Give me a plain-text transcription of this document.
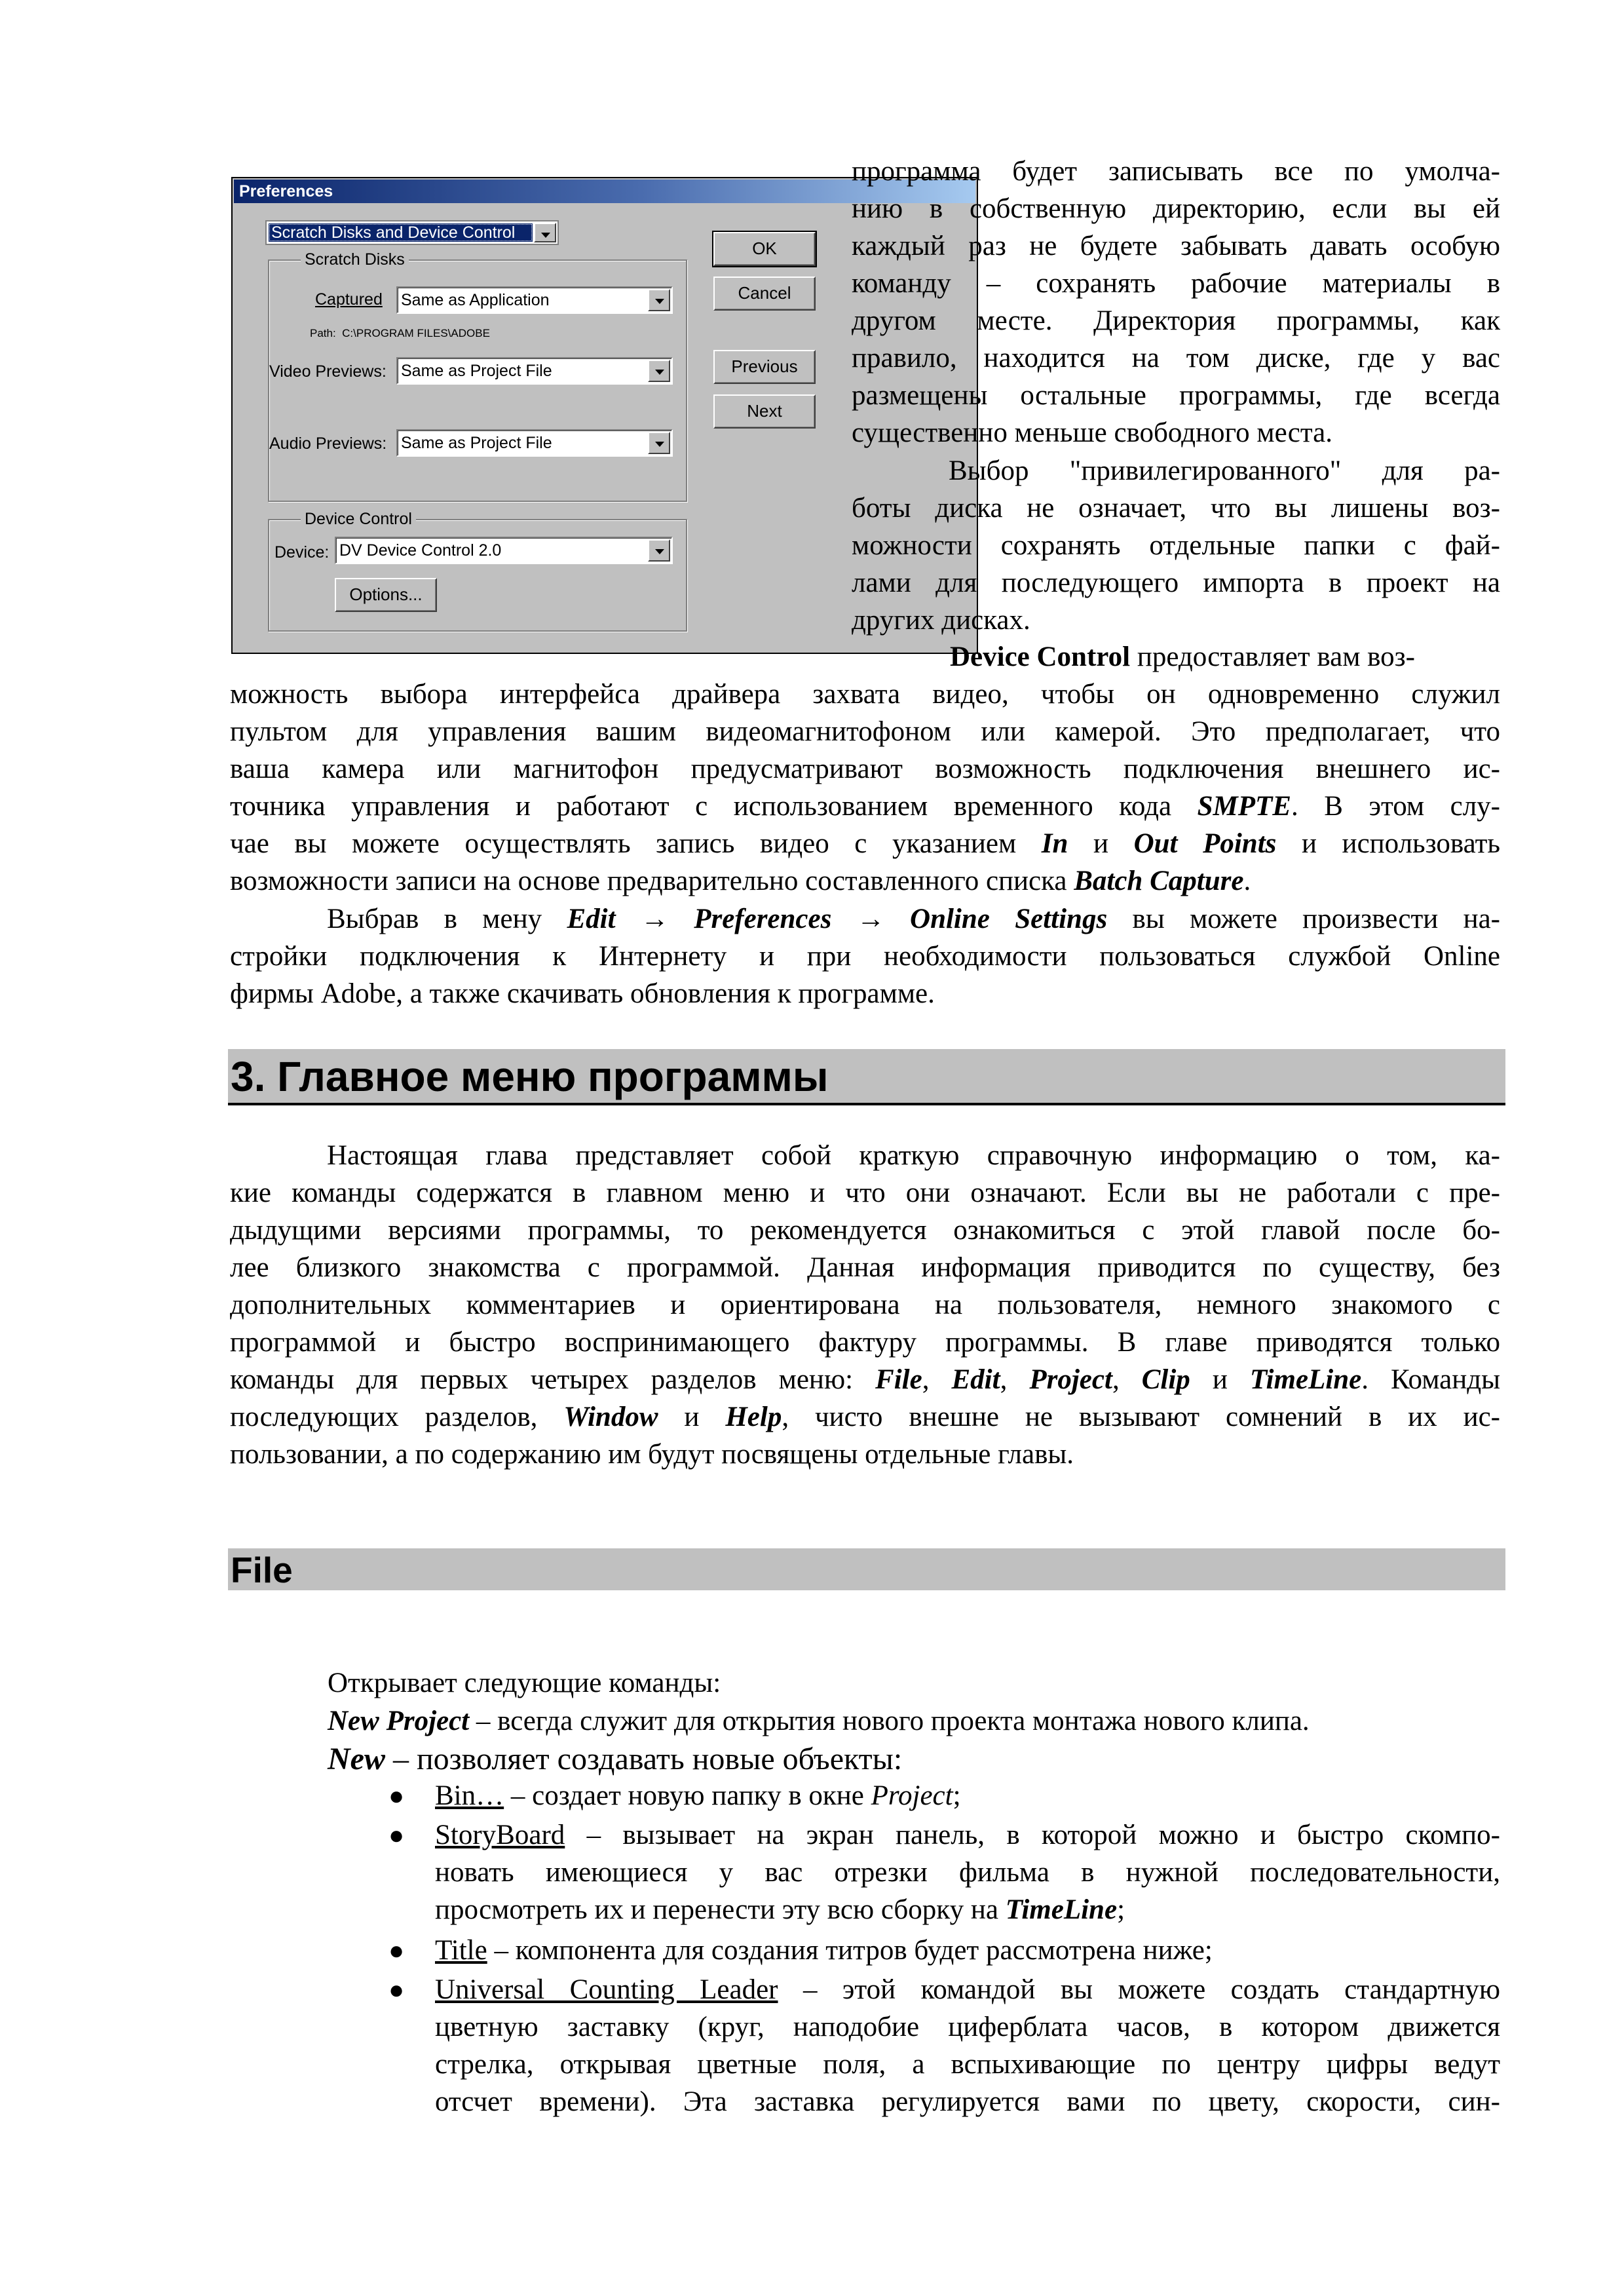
Preferences
Scratch Disks and Device Control
Scratch Disks
Captured Same as Application
Path: C:\PROGRAM FILES\ADOBE
Video Previews: Same as Project File
Audio Previews: Same as Project File
Device Control
Device: DV Device Control 2.0
Options...
OK
Cancel
Previous
Next
программа будет записывать все по умолча-
нию в собственную директорию, если вы ей
каждый раз не будете забывать давать особую
команду – сохранять рабочие материалы в
другом месте. Директория программы, как
правило, находится на том диске, где у вас
размещены остальные программы, где всегда
существенно меньше свободного места.
Выбор "привилегированного" для ра-
боты диска не означает, что вы лишены воз-
можности сохранять отдельные папки с фай-
лами для последующего импорта в проект на
других дисках.
Device Control предоставляет вам воз-
можность выбора интерфейса драйвера захвата видео, чтобы он одновременно служил
пультом для управления вашим видеомагнитофоном или камерой. Это предполагает, что
ваша камера или магнитофон предусматривают возможность подключения внешнего ис-
точника управления и работают с использованием временного кода SMPTE. В этом слу-
чае вы можете осуществлять запись видео с указанием In и Out Points и использовать
возможности записи на основе предварительно составленного списка Batch Capture.
Выбрав в мену Edit → Preferences → Online Settings вы можете произвести на-
стройки подключения к Интернету и при необходимости пользоваться службой Online
фирмы Adobe, а также скачивать обновления к программе.
3. Главное меню программы
Настоящая глава представляет собой краткую справочную информацию о том, ка-
кие команды содержатся в главном меню и что они означают. Если вы не работали с пре-
дыдущими версиями программы, то рекомендуется ознакомиться с этой главой после бо-
лее близкого знакомства с программой. Данная информация приводится по существу, без
дополнительных комментариев и ориентирована на пользователя, немного знакомого с
программой и быстро воспринимающего фактуру программы. В главе приводятся только
команды для первых четырех разделов меню: File, Edit, Project, Clip и TimeLine. Команды
последующих разделов, Window и Help, чисто внешне не вызывают сомнений в их ис-
пользовании, а по содержанию им будут посвящены отдельные главы.
File
Открывает следующие команды:
New Project – всегда служит для открытия нового проекта монтажа нового клипа.
New – позволяет создавать новые объекты:
● Bin… – создает новую папку в окне Project;
● StoryBoard – вызывает на экран панель, в которой можно и быстро скомпо-
новать имеющиеся у вас отрезки фильма в нужной последовательности,
просмотреть их и перенести эту всю сборку на TimeLine;
● Title – компонента для создания титров будет рассмотрена ниже;
● Universal Counting Leader – этой командой вы можете создать стандартную
цветную заставку (круг, наподобие циферблата часов, в котором движется
стрелка, открывая цветные поля, а вспыхивающие по центру цифры ведут
отсчет времени). Эта заставка регулируется вами по цвету, скорости, син-
